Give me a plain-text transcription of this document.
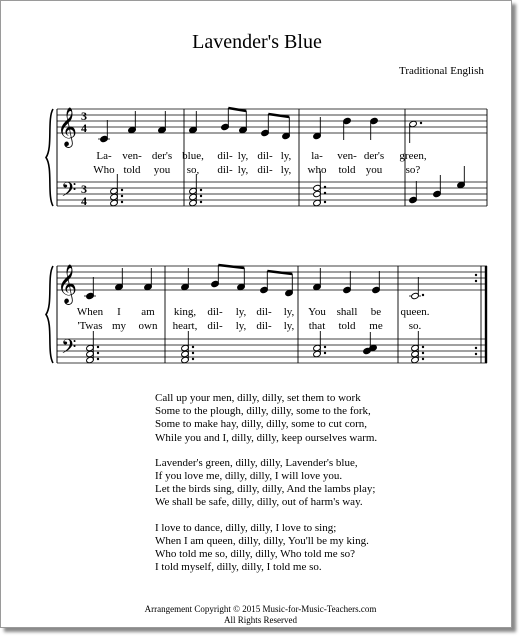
Lavender's Blue
Traditional English
𝄞
𝄢
3
4
3
4
La- ven- der's blue, dil- ly, dil- ly, la- ven- der's green,
Who told you so, dil- ly, dil- ly, who told you so?
𝄞
𝄢
When I am king, dil- ly, dil- ly, You shall be queen.
'Twas my own heart, dil- ly, dil- ly, that told me so.
Call up your men, dilly, dilly, set them to work
Some to the plough, dilly, dilly, some to the fork,
Some to make hay, dilly, dilly, some to cut corn,
While you and I, dilly, dilly, keep ourselves warm.
Lavender's green, dilly, dilly, Lavender's blue,
If you love me, dilly, dilly, I will love you.
Let the birds sing, dilly, dilly, And the lambs play;
We shall be safe, dilly, dilly, out of harm's way.
I love to dance, dilly, dilly, I love to sing;
When I am queen, dilly, dilly, You'll be my king.
Who told me so, dilly, dilly, Who told me so?
I told myself, dilly, dilly, I told me so.
Arrangement Copyright © 2015 Music-for-Music-Teachers.com
All Rights Reserved
